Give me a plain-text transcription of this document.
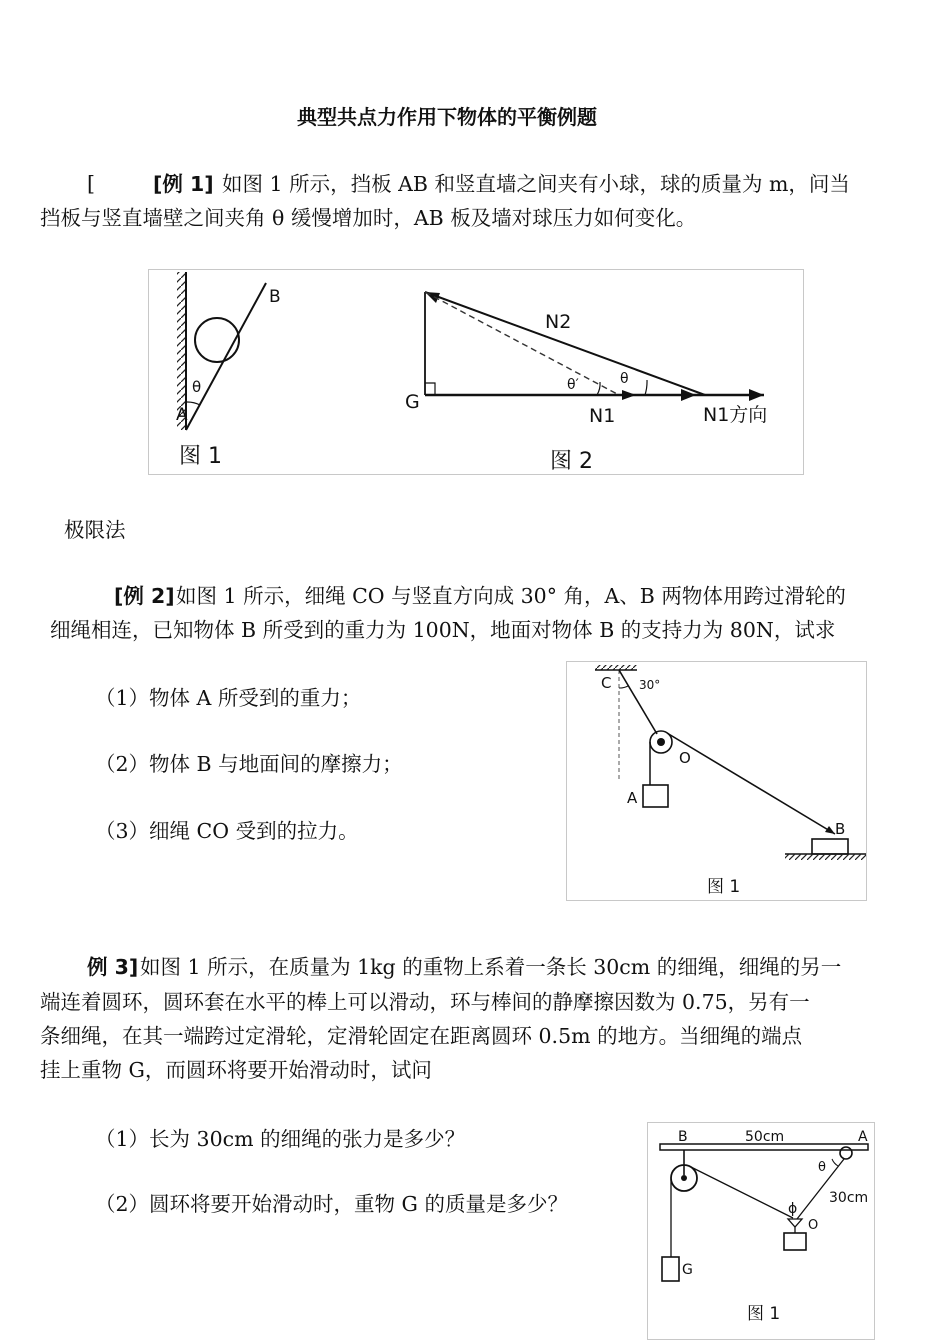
典型共点力作用下物体的平衡例题
[	[例 1] 如图 1 所示，挡板 AB 和竖直墙之间夹有小球，球的质量为 m，问当
挡板与竖直墙壁之间夹角 θ 缓慢增加时，AB 板及墙对球压力如何变化。
A
B
θ
图 1
G
N2
N1	N1方向
θ′	θ
图 2
极限法
[例 2] 如图 1 所示，细绳 CO 与竖直方向成 30° 角，A、B 两物体用跨过滑轮的
细绳相连，已知物体 B 所受到的重力为 100N，地面对物体 B 的支持力为 80N，试求
（1）物体 A 所受到的重力；
（2）物体 B 与地面间的摩擦力；
（3）细绳 CO 受到的拉力。
C 30°
O
A
B
图 1
例 3] 如图 1 所示，在质量为 1kg 的重物上系着一条长 30cm 的细绳，细绳的另一
端连着圆环，圆环套在水平的棒上可以滑动，环与棒间的静摩擦因数为 0.75，另有一
条细绳，在其一端跨过定滑轮，定滑轮固定在距离圆环 0.5m 的地方。当细绳的端点
挂上重物 G，而圆环将要开始滑动时，试问
（1）长为 30cm 的细绳的张力是多少？
（2）圆环将要开始滑动时，重物 G 的质量是多少？
B	50cm	A
θ
ϕ
30cm
O
G
图 1
